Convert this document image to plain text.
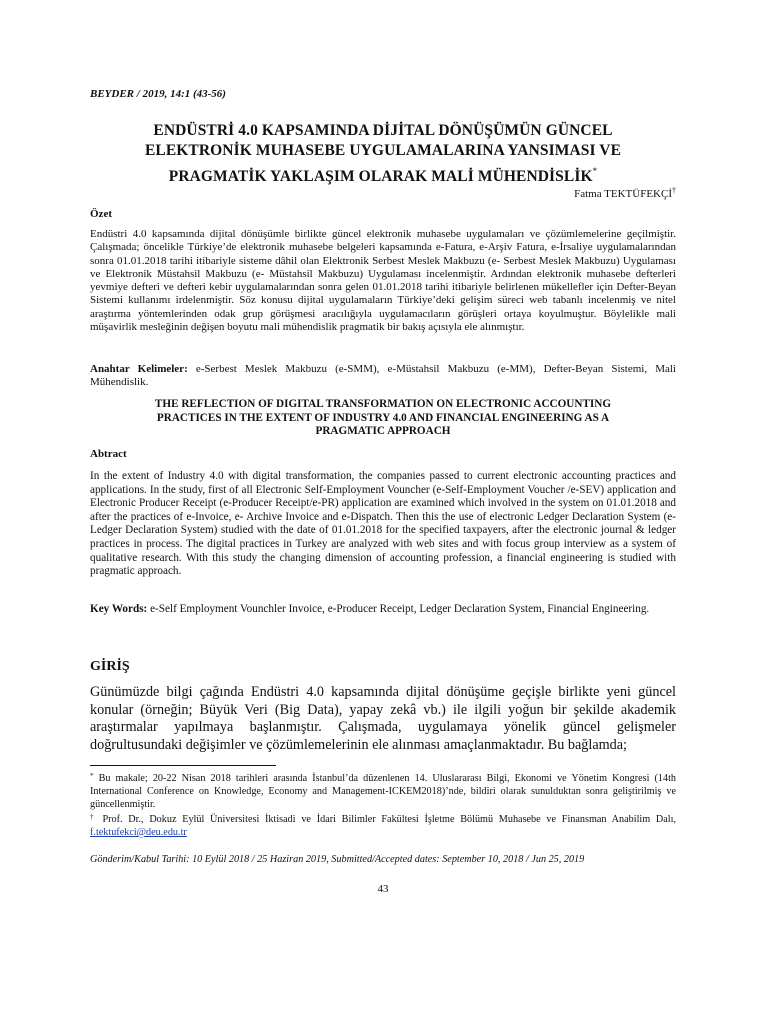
BEYDER / 2019, 14:1 (43-56)
ENDÜSTRİ 4.0 KAPSAMINDA DİJİTAL DÖNÜŞÜMÜN GÜNCEL
ELEKTRONİK MUHASEBE UYGULAMALARINA YANSIMASI VE
PRAGMATİK YAKLAŞIM OLARAK MALİ MÜHENDİSLİK*
Fatma TEKTÜFEKÇİ†
Özet
Endüstri 4.0 kapsamında dijital dönüşümle birlikte güncel elektronik muhasebe uygulamaları ve çözümlemelerine geçilmiştir. Çalışmada; öncelikle Türkiye’de elektronik muhasebe belgeleri kapsamında e-Fatura, e-Arşiv Fatura, e-İrsaliye uygulamalarından sonra 01.01.2018 tarihi itibariyle sisteme dâhil olan Elektronik Serbest Meslek Makbuzu (e- Serbest Meslek Makbuzu) Uygulaması ve Elektronik Müstahsil Makbuzu (e- Müstahsil Makbuzu) Uygulaması incelenmiştir. Ardından elektronik muhasebe defterleri yevmiye defteri ve defteri kebir uygulamalarından sonra gelen 01.01.2018 tarihi itibariyle belirlenen mükellefler için Defter-Beyan Sistemi kullanımı irdelenmiştir. Söz konusu dijital uygulamaların Türkiye’deki gelişim süreci web tabanlı incelenmiş ve nitel araştırma yöntemlerinden odak grup görüşmesi aracılığıyla uygulamacıların görüşleri ortaya koyulmuştur. Böylelikle mali müşavirlik mesleğinin değişen boyutu mali mühendislik pragmatik bir bakış açısıyla ele alınmıştır.
Anahtar Kelimeler: e-Serbest Meslek Makbuzu (e-SMM), e-Müstahsil Makbuzu (e-MM), Defter-Beyan Sistemi, Mali Mühendislik.
THE REFLECTION OF DIGITAL TRANSFORMATION ON ELECTRONIC ACCOUNTING
PRACTICES IN THE EXTENT OF INDUSTRY 4.0 AND FINANCIAL ENGINEERING AS A
PRAGMATIC APPROACH
Abtract
In the extent of Industry 4.0 with digital transformation, the companies passed to current electronic accounting practices and applications. In the study, first of all Electronic Self-Employment Vouncher (e-Self-Employment Voucher /e-SEV) application and Electronic Producer Receipt (e-Producer Receipt/e-PR) application are examined which involved in the system on 01.01.2018 and after the practices of e-Invoice, e- Archive Invoice and e-Dispatch. Then this the use of electronic Ledger Declaration System (e-Ledger Declaration System) studied with the date of 01.01.2018 for the specified taxpayers, after the electronic journal & ledger practices in process. The digital practices in Turkey are analyzed with web sites and with focus group interview as a system of qualitative research. With this study the changing dimension of accounting profession, a financial engineering is studied with pragmatic approach.
Key Words: e-Self Employment Vounchler Invoice, e-Producer Receipt, Ledger Declaration System, Financial Engineering.
GİRİŞ
Günümüzde bilgi çağında Endüstri 4.0 kapsamında dijital dönüşüme geçişle birlikte yeni güncel konular (örneğin; Büyük Veri (Big Data), yapay zekâ vb.) ile ilgili yoğun bir şekilde akademik araştırmalar yapılmaya başlanmıştır. Çalışmada, uygulamaya yönelik güncel gelişmeler doğrultusundaki değişimler ve çözümlemelerinin ele alınması amaçlanmaktadır. Bu bağlamda;

* Bu makale; 20-22 Nisan 2018 tarihleri arasında İstanbul’da düzenlenen 14. Uluslararası Bilgi, Ekonomi ve Yönetim Kongresi (14th International Conference on Knowledge, Economy and Management-ICKEM2018)’nde, bildiri olarak sunulduktan sonra geliştirilmiş ve güncellenmiştir.

† Prof. Dr., Dokuz Eylül Üniversitesi İktisadi ve İdari Bilimler Fakültesi İşletme Bölümü Muhasebe ve Finansman Anabilim Dalı, f.tektufekci@deu.edu.tr

Gönderim/Kabul Tarihi: 10 Eylül 2018 / 25 Haziran 2019, Submitted/Accepted dates: September 10, 2018 / Jun 25, 2019
43
